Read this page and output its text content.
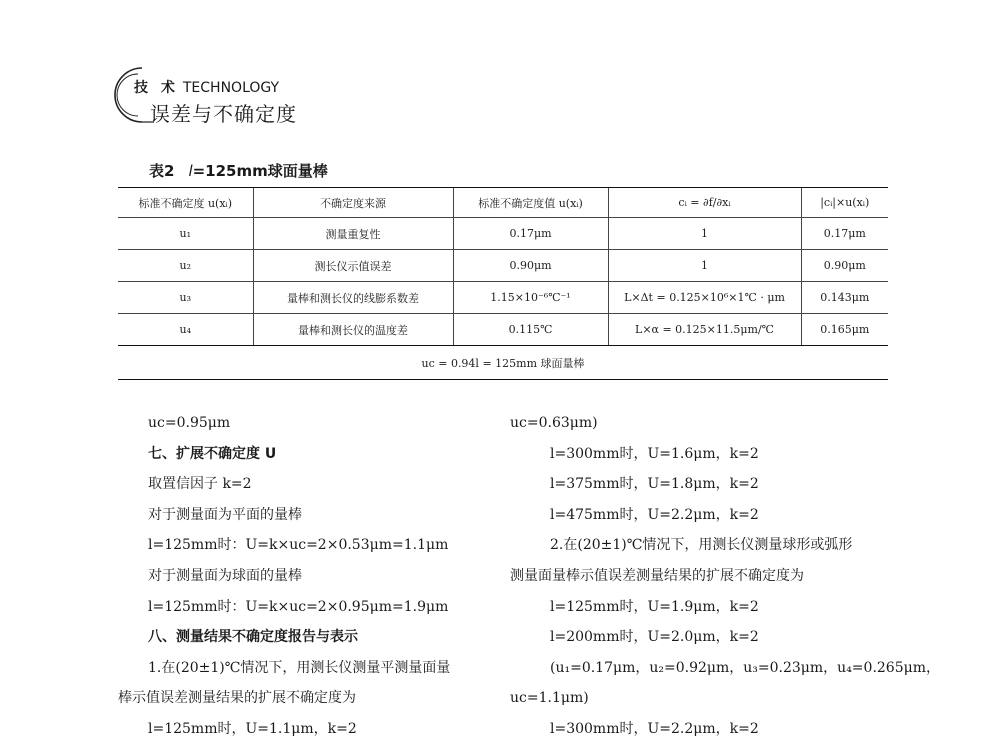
技 术 TECHNOLOGY
误差与不确定度
表2 l=125mm球面量棒
标准不确定度 u(xᵢ)	不确定度来源	标准不确定度值 u(xᵢ)	cᵢ = ∂f/∂xᵢ	|cᵢ|×u(xᵢ)
u₁	测量重复性	0.17μm	1	0.17μm
u₂	测长仪示值误差	0.90μm	1	0.90μm
u₃	量棒和测长仪的线膨系数差	1.15×10⁻⁶℃⁻¹	L×Δt = 0.125×10⁶×1℃ · μm	0.143μm
u₄	量棒和测长仪的温度差	0.115℃	L×α = 0.125×11.5μm/℃	0.165μm
uc = 0.94l = 125mm 球面量棒				

uc=0.95μm

七、扩展不确定度 U

取置信因子 k=2

对于测量面为平面的量棒

l=125mm时：U=k×uc=2×0.53μm=1.1μm

对于测量面为球面的量棒

l=125mm时：U=k×uc=2×0.95μm=1.9μm

八、测量结果不确定度报告与表示

1.在(20±1)℃情况下，用测长仪测量平测量面量

棒示值误差测量结果的扩展不确定度为

l=125mm时，U=1.1μm，k=2

uc=0.63μm)

l=300mm时，U=1.6μm，k=2

l=375mm时，U=1.8μm，k=2

l=475mm时，U=2.2μm，k=2

2.在(20±1)℃情况下，用测长仪测量球形或弧形

测量面量棒示值误差测量结果的扩展不确定度为

l=125mm时，U=1.9μm，k=2

l=200mm时，U=2.0μm，k=2

(u₁=0.17μm，u₂=0.92μm，u₃=0.23μm，u₄=0.265μm，

uc=1.1μm)

l=300mm时，U=2.2μm，k=2
